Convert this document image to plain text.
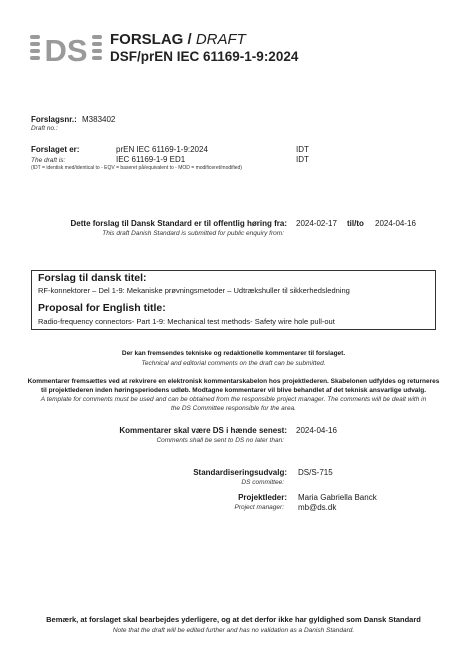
DS FORSLAG / DRAFT
DSF/prEN IEC 61169-1-9:2024
Forslagsnr.:
Draft no.:
M383402
Forslaget er:	prEN IEC 61169-1-9:2024	IDT
The draft is:	IEC 61169-1-9 ED1	IDT
(IDT = identisk med/identical to - EQV = baseret på/equivalent to - MOD = modificeret/modified)
Dette forslag til Dansk Standard er til offentlig høring fra:
This draft Danish Standard is submitted for public enquiry from:
2024-02-17 til/to 2024-04-16
Forslag til dansk titel:
RF-konnektorer – Del 1-9: Mekaniske prøvningsmetoder – Udtrækshuller til sikkerhedsledning
Proposal for English title:
Radio-frequency connectors- Part 1-9: Mechanical test methods- Safety wire hole pull-out
Der kan fremsendes tekniske og redaktionelle kommentarer til forslaget.
Technical and editorial comments on the draft can be submitted.
Kommentarer fremsættes ved at rekvirere en elektronisk kommentarskabelon hos projektlederen. Skabelonen udfyldes og returneres
til projektlederen inden høringsperiodens udløb. Modtagne kommentarer vil blive behandlet af det teknisk ansvarlige udvalg.
A template for comments must be used and can be obtained from the responsible project manager. The comments will be dealt with in
the DS Committee responsible for the area.
Kommentarer skal være DS i hænde senest:
Comments shall be sent to DS no later than:
2024-04-16
Standardiseringsudvalg:
DS committee:
DS/S-715
Projektleder:
Project manager:
Maria Gabriella Banck
mb@ds.dk
Bemærk, at forslaget skal bearbejdes yderligere, og at det derfor ikke har gyldighed som Dansk Standard
Note that the draft will be edited further and has no validation as a Danish Standard.
